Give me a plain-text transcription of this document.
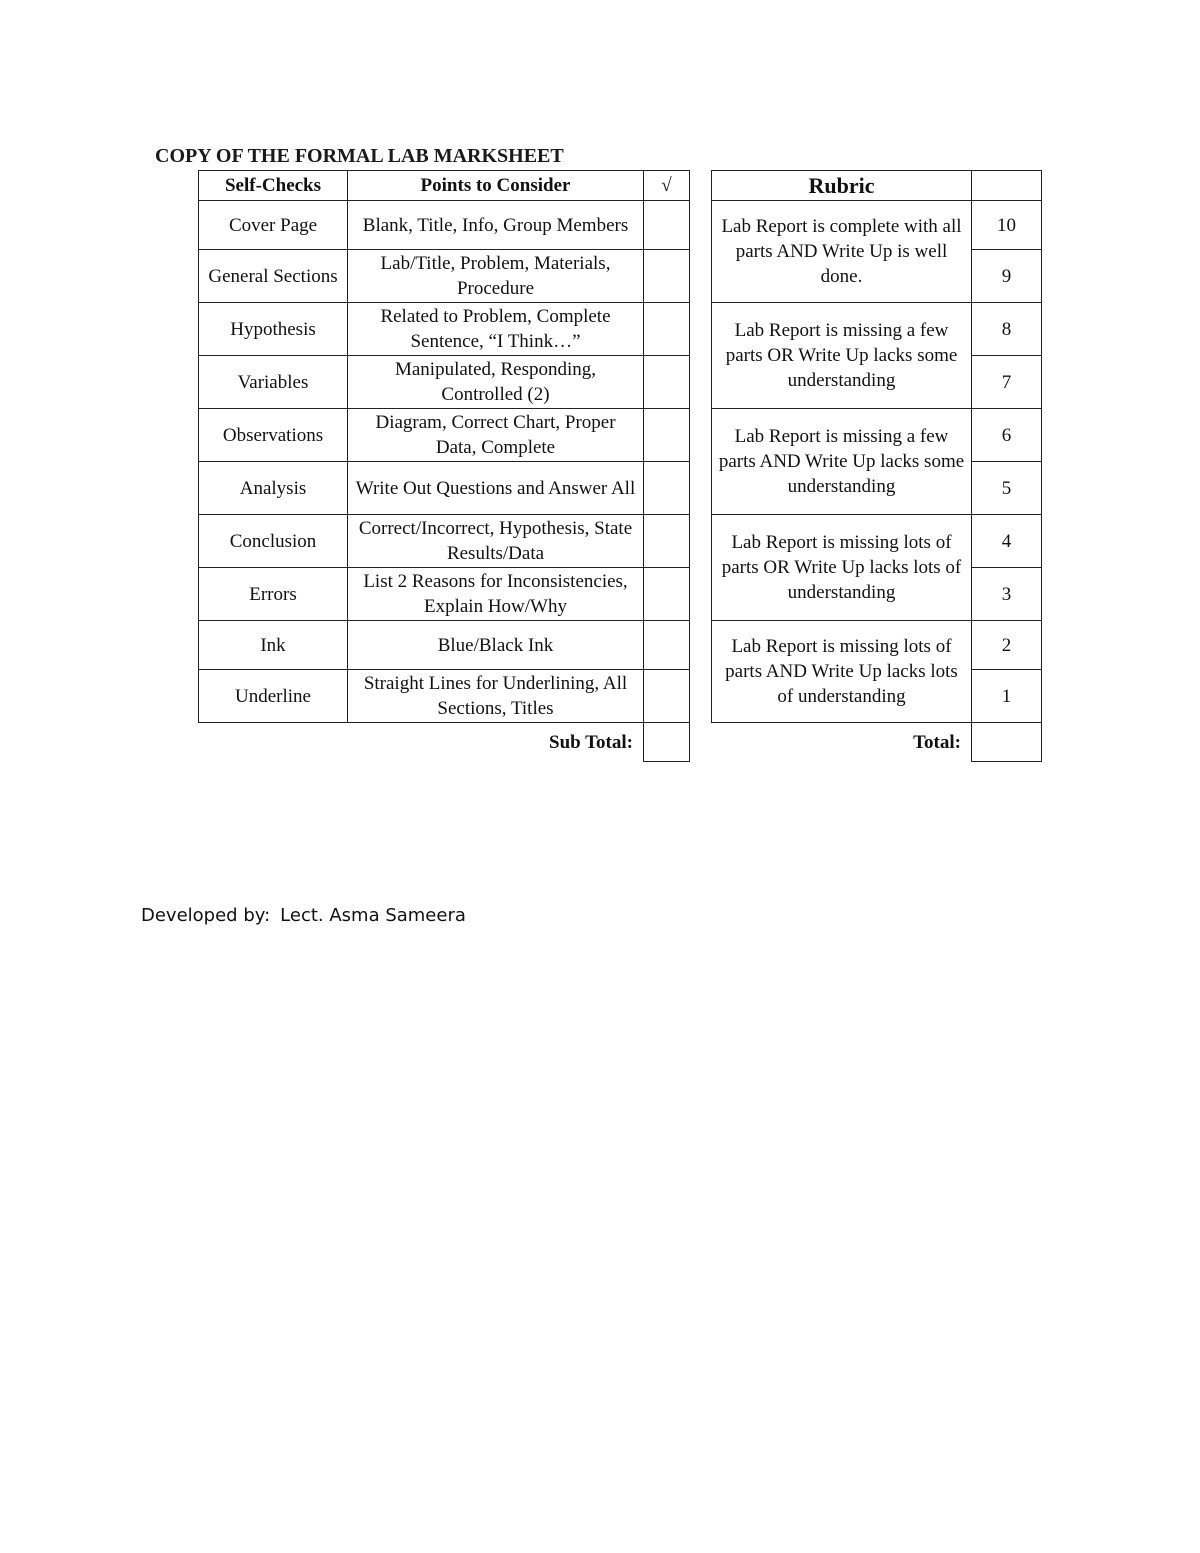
COPY OF THE FORMAL LAB MARKSHEET
Self-Checks	Points to Consider	√
Cover Page	Blank, Title, Info, Group Members	
General Sections	Lab/Title, Problem, Materials, Procedure	
Hypothesis	Related to Problem, Complete Sentence, “I Think…”	
Variables	Manipulated, Responding, Controlled (2)	
Observations	Diagram, Correct Chart, Proper Data, Complete	
Analysis	Write Out Questions and Answer All	
Conclusion	Correct/Incorrect, Hypothesis, State Results/Data	
Errors	List 2 Reasons for Inconsistencies, Explain How/Why	
Ink	Blue/Black Ink	
Underline	Straight Lines for Underlining, All Sections, Titles	
	Sub Total:	
Rubric	
Lab Report is complete with all parts AND Write Up is well done.	10
	9
Lab Report is missing a few parts OR Write Up lacks some understanding	8
	7
Lab Report is missing a few parts AND Write Up lacks some understanding	6
	5
Lab Report is missing lots of parts OR Write Up lacks lots of understanding	4
	3
Lab Report is missing lots of parts AND Write Up lacks lots of understanding	2
	1
Total:	
Developed by: Lect. Asma Sameera
